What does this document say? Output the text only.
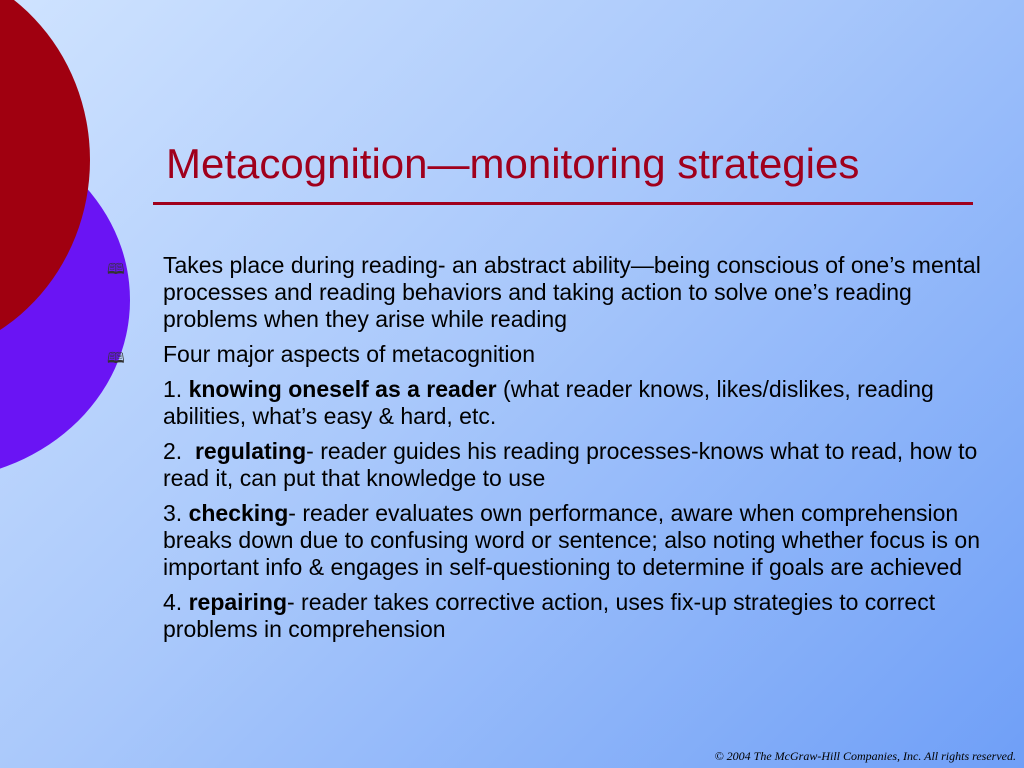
Metacognition—monitoring strategies

🕮 Takes place during reading- an abstract ability—being conscious of one’s mental processes and reading behaviors and taking action to solve one’s reading problems when they arise while reading

🕮 Four major aspects of metacognition

1. knowing oneself as a reader (what reader knows, likes/dislikes, reading abilities, what’s easy & hard, etc.

2.  regulating- reader guides his reading processes-knows what to read, how to read it, can put that knowledge to use

3. checking- reader evaluates own performance, aware when comprehension breaks down due to confusing word or sentence; also noting whether focus is on important info & engages in self-questioning to determine if goals are achieved

4. repairing- reader takes corrective action, uses fix-up strategies to correct problems in comprehension

© 2004 The McGraw-Hill Companies, Inc. All rights reserved.
